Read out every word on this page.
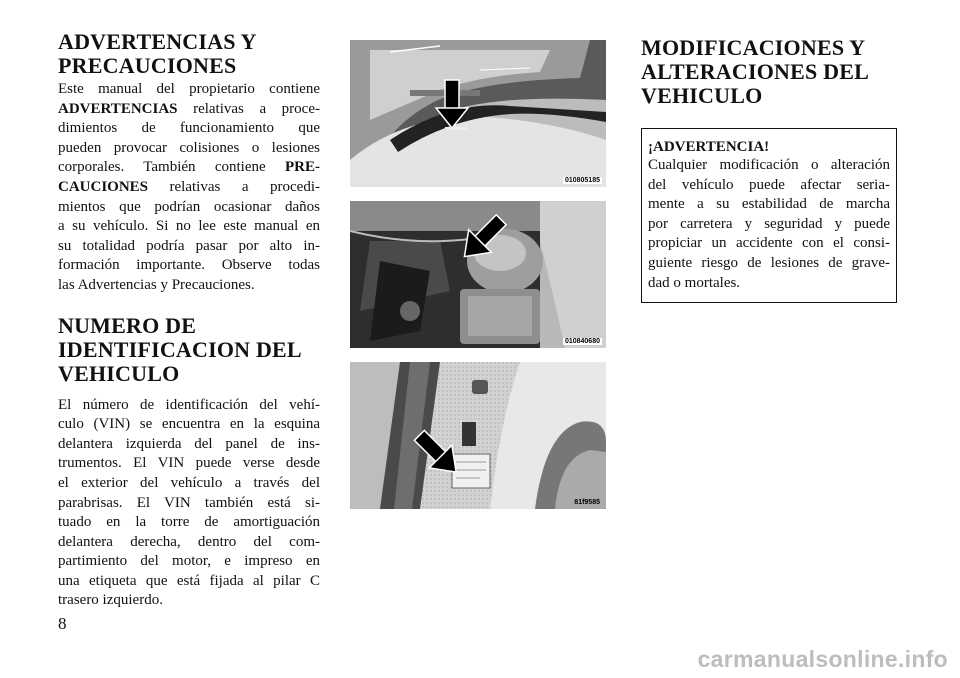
ADVERTENCIAS Y
PRECAUCIONES

Este manual del propietario contiene
ADVERTENCIAS relativas a proce-
dimientos de funcionamiento que
pueden provocar colisiones o lesiones
corporales. También contiene PRE-
CAUCIONES relativas a procedi-
mientos que podrían ocasionar daños
a su vehículo. Si no lee este manual en
su totalidad podría pasar por alto in-
formación importante. Observe todas
las Advertencias y Precauciones.

NUMERO DE
IDENTIFICACION DEL
VEHICULO

El número de identificación del vehí-
culo (VIN) se encuentra en la esquina
delantera izquierda del panel de ins-
trumentos. El VIN puede verse desde
el exterior del vehículo a través del
parabrisas. El VIN también está si-
tuado en la torre de amortiguación
delantera derecha, dentro del com-
partimiento del motor, e impreso en
una etiqueta que está fijada al pilar C
trasero izquierdo.

010805185
010840680
81f9585
MODIFICACIONES Y
ALTERACIONES DEL
VEHICULO
¡ADVERTENCIA!

Cualquier modificación o alteración
del vehículo puede afectar seria-
mente a su estabilidad de marcha
por carretera y seguridad y puede
propiciar un accidente con el consi-
guiente riesgo de lesiones de grave-
dad o mortales.

8
carmanualsonline.info
